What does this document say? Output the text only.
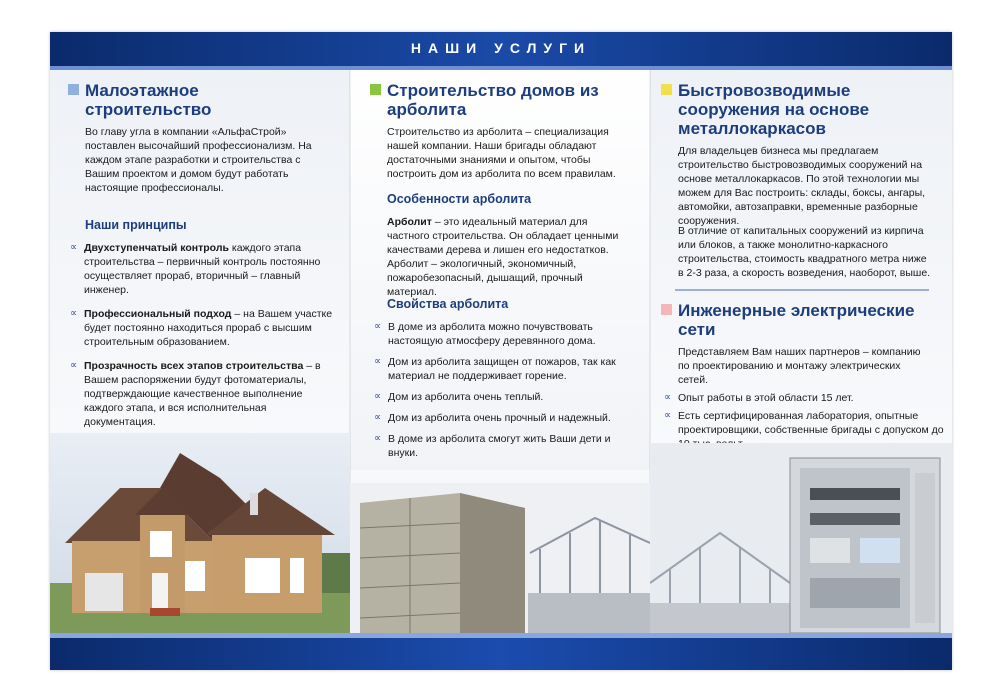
НАШИ УСЛУГИ
Малоэтажное строительство
Во главу угла в компании «АльфаСтрой» поставлен высочайший профессионализм. На каждом этапе разработки и строительства с Вашим проектом и домом будут работать настоящие профессионалы.
Наши принципы
∝ Двухступенчатый контроль каждого этапа строительства – первичный контроль постоянно осуществляет прораб, вторичный – главный инженер.
∝ Профессиональный подход – на Вашем участке будет постоянно находиться прораб с высшим строительным образованием.
∝ Прозрачность всех этапов строительства – в Вашем распоряжении будут фотоматериалы, подтверждающие качественное выполнение каждого этапа, и вся исполнительная документация.
Строительство домов из арболита
Строительство из арболита – специализация нашей компании. Наши бригады обладают достаточными знаниями и опытом, чтобы построить дом из арболита по всем правилам.
Особенности арболита
Арболит – это идеальный материал для частного строительства. Он обладает ценными качествами дерева и лишен его недостатков. Арболит – экологичный, экономичный, пожаробезопасный, дышащий, прочный материал.
Свойства арболита
∝ В доме из арболита можно почувствовать настоящую атмосферу деревянного дома.
∝ Дом из арболита защищен от пожаров, так как материал не поддерживает горение.
∝ Дом из арболита очень теплый.
∝ Дом из арболита очень прочный и надежный.
∝ В доме из арболита смогут жить Ваши дети и внуки.
Быстровозводимые сооружения на основе металлокаркасов
Для владельцев бизнеса мы предлагаем строительство быстровозводимых сооружений на основе металлокаркасов. По этой технологии мы можем для Вас построить: склады, боксы, ангары, автомойки, автозаправки, временные разборные сооружения.
В отличие от капитальных сооружений из кирпича или блоков, а также монолитно-каркасного строительства, стоимость квадратного метра ниже в 2-3 раза, а скорость возведения, наоборот, выше.
Инженерные электрические сети
Представляем Вам наших партнеров – компанию по проектированию и монтажу электрических сетей.
∝ Опыт работы в этой области 15 лет.
∝ Есть сертифицированная лаборатория, опытные проектировщики, собственные бригады с допуском до
